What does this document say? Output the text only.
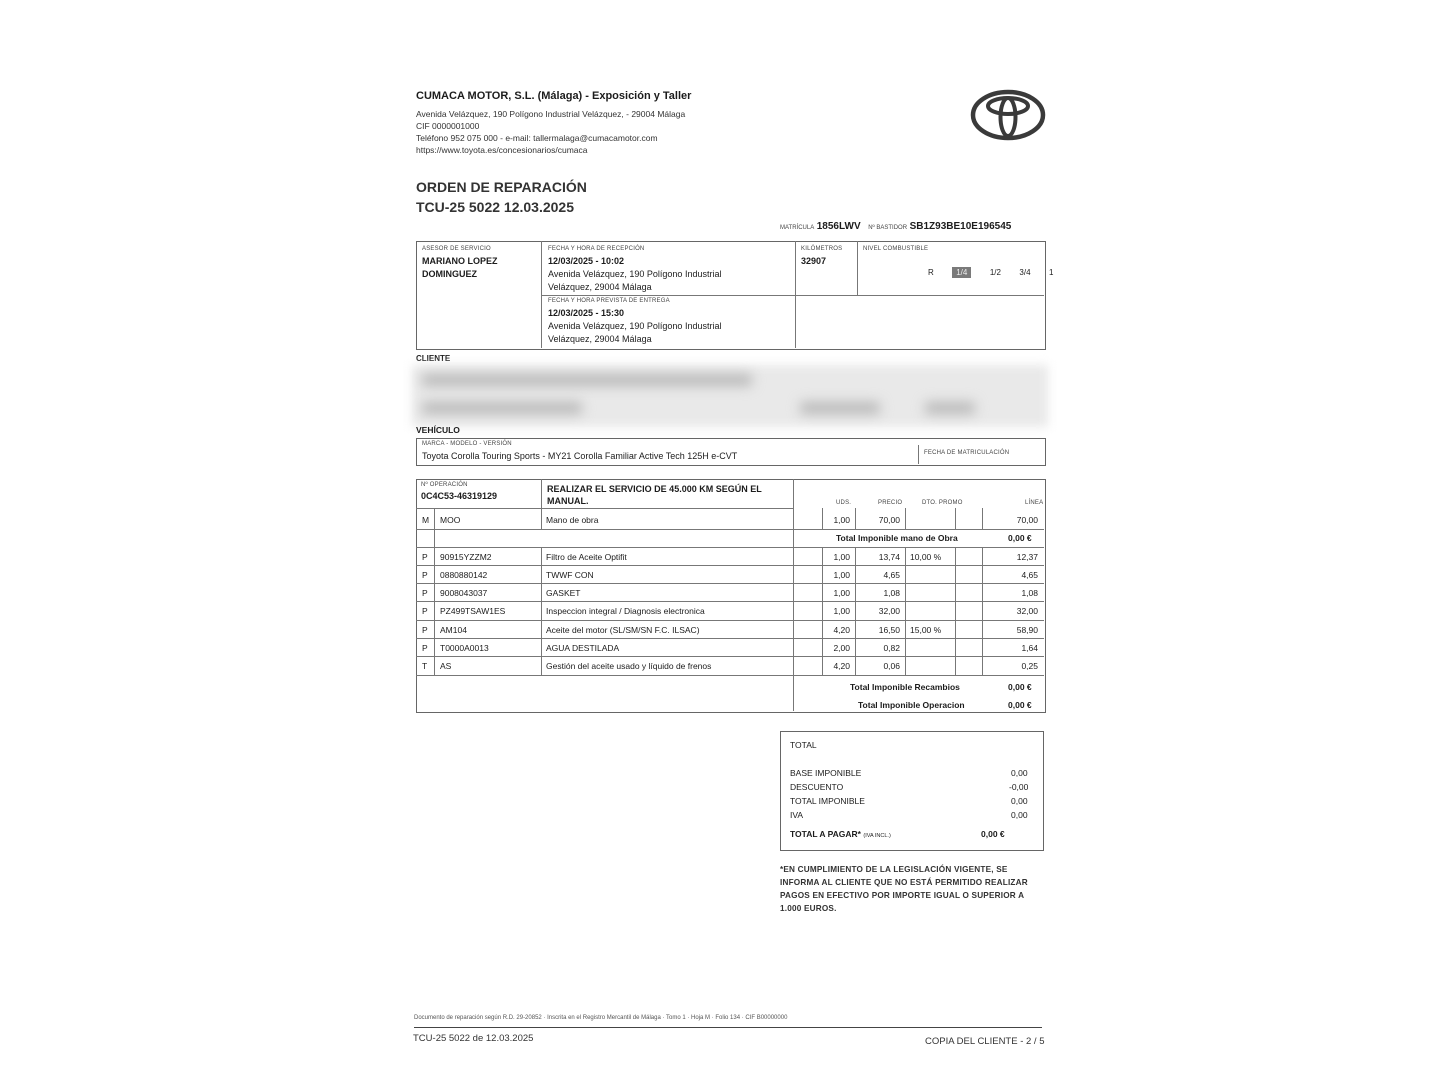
CUMACA MOTOR, S.L. (Málaga) - Exposición y Taller
Avenida Velázquez, 190 Polígono Industrial Velázquez, - 29004 Málaga
CIF 0000001000
Teléfono 952 075 000 - e-mail: tallermalaga@cumacamotor.com
https://www.toyota.es/concesionarios/cumaca
ORDEN DE REPARACIÓN
TCU-25 5022 12.03.2025
MATRÍCULA 1856LWV Nº BASTIDOR SB1Z93BE10E196545
ASESOR DE SERVICIO
MARIANO LOPEZ DOMINGUEZ
FECHA Y HORA DE RECEPCIÓN
12/03/2025 - 10:02
Avenida Velázquez, 190 Polígono Industrial
Velázquez, 29004 Málaga
FECHA Y HORA PREVISTA DE ENTREGA
12/03/2025 - 15:30
Avenida Velázquez, 190 Polígono Industrial
Velázquez, 29004 Málaga
KILÓMETROS
32907
NIVEL COMBUSTIBLE
R	1/4	1/2 3/4 1
CLIENTE
VEHÍCULO
MARCA - MODELO - VERSIÓN
Toyota Corolla Touring Sports - MY21 Corolla Familiar Active Tech 125H e-CVT	FECHA DE MATRICULACIÓN
Nº OPERACIÓN
0C4C53-46319129
REALIZAR EL SERVICIO DE 45.000 KM SEGÚN EL MANUAL.	UDS.	PRECIO	DTO. PROMO	LÍNEA
M MOO	Mano de obra	1,00	70,00	70,00
Total Imponible mano de Obra	0,00 €
P 90915YZZM2	Filtro de Aceite Optifit	1,00	13,74 10,00 %	12,37
P 0880880142	TWWF CON	1,00	4,65	4,65
P 9008043037	GASKET	1,00	1,08	1,08
P PZ499TSAW1ES	Inspeccion integral / Diagnosis electronica	1,00	32,00	32,00
P AM104	Aceite del motor (SL/SM/SN F.C. ILSAC)	4,20	16,50 15,00 %	58,90
P T0000A0013	AGUA DESTILADA	2,00	0,82	1,64
T AS	Gestión del aceite usado y líquido de frenos	4,20	0,06	0,25
Total Imponible Recambios	0,00 €
Total Imponible Operacion	0,00 €
TOTAL
BASE IMPONIBLE	0,00
DESCUENTO	-0,00
TOTAL IMPONIBLE	0,00
IVA	0,00
TOTAL A PAGAR* (IVA INCL.)	0,00 €
*EN CUMPLIMIENTO DE LA LEGISLACIÓN VIGENTE, SE INFORMA AL CLIENTE QUE NO ESTÁ PERMITIDO REALIZAR PAGOS EN EFECTIVO POR IMPORTE IGUAL O SUPERIOR A 1.000 EUROS.
Documento de reparación según R.D. 29-20852 · Inscrita en el Registro Mercantil de Málaga · Tomo 1 · Hoja M · Folio 134 · CIF B00000000
TCU-25 5022 de 12.03.2025	COPIA DEL CLIENTE - 2 / 5
